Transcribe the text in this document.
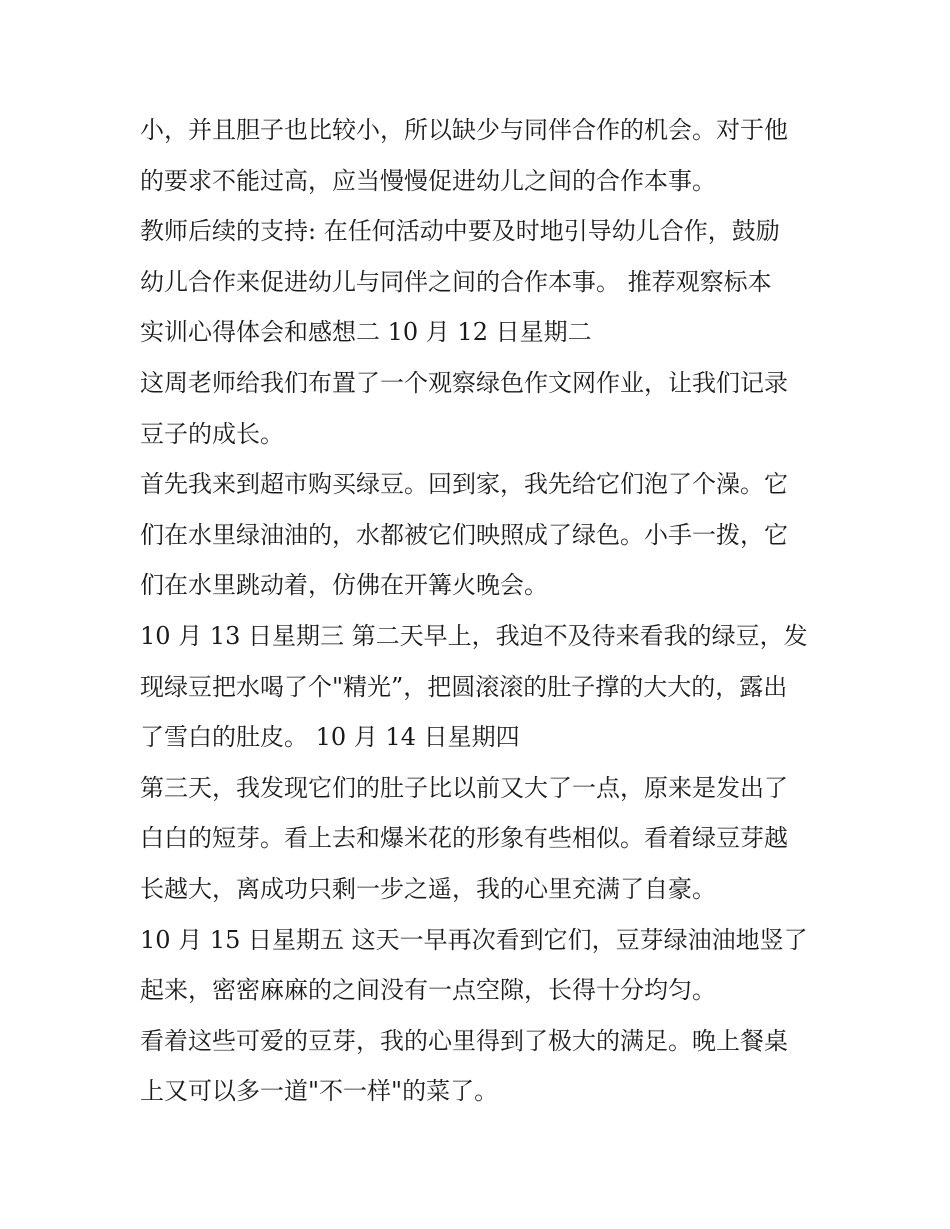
小，并且胆子也比较小，所以缺少与同伴合作的机会。对于他
的要求不能过高，应当慢慢促进幼儿之间的合作本事。
教师后续的支持: 在任何活动中要及时地引导幼儿合作，鼓励
幼儿合作来促进幼儿与同伴之间的合作本事。 推荐观察标本
实训心得体会和感想二 10 月 12 日星期二
这周老师给我们布置了一个观察绿色作文网作业，让我们记录
豆子的成长。
首先我来到超市购买绿豆。回到家，我先给它们泡了个澡。它
们在水里绿油油的，水都被它们映照成了绿色。小手一拨，它
们在水里跳动着，仿佛在开篝火晚会。
10 月 13 日星期三 第二天早上，我迫不及待来看我的绿豆，发
现绿豆把水喝了个"精光”，把圆滚滚的肚子撑的大大的，露出
了雪白的肚皮。 10 月 14 日星期四
第三天，我发现它们的肚子比以前又大了一点，原来是发出了
白白的短芽。看上去和爆米花的形象有些相似。看着绿豆芽越
长越大，离成功只剩一步之遥，我的心里充满了自豪。
10 月 15 日星期五 这天一早再次看到它们，豆芽绿油油地竖了
起来，密密麻麻的之间没有一点空隙，长得十分均匀。
看着这些可爱的豆芽，我的心里得到了极大的满足。晚上餐桌
上又可以多一道"不一样"的菜了。
